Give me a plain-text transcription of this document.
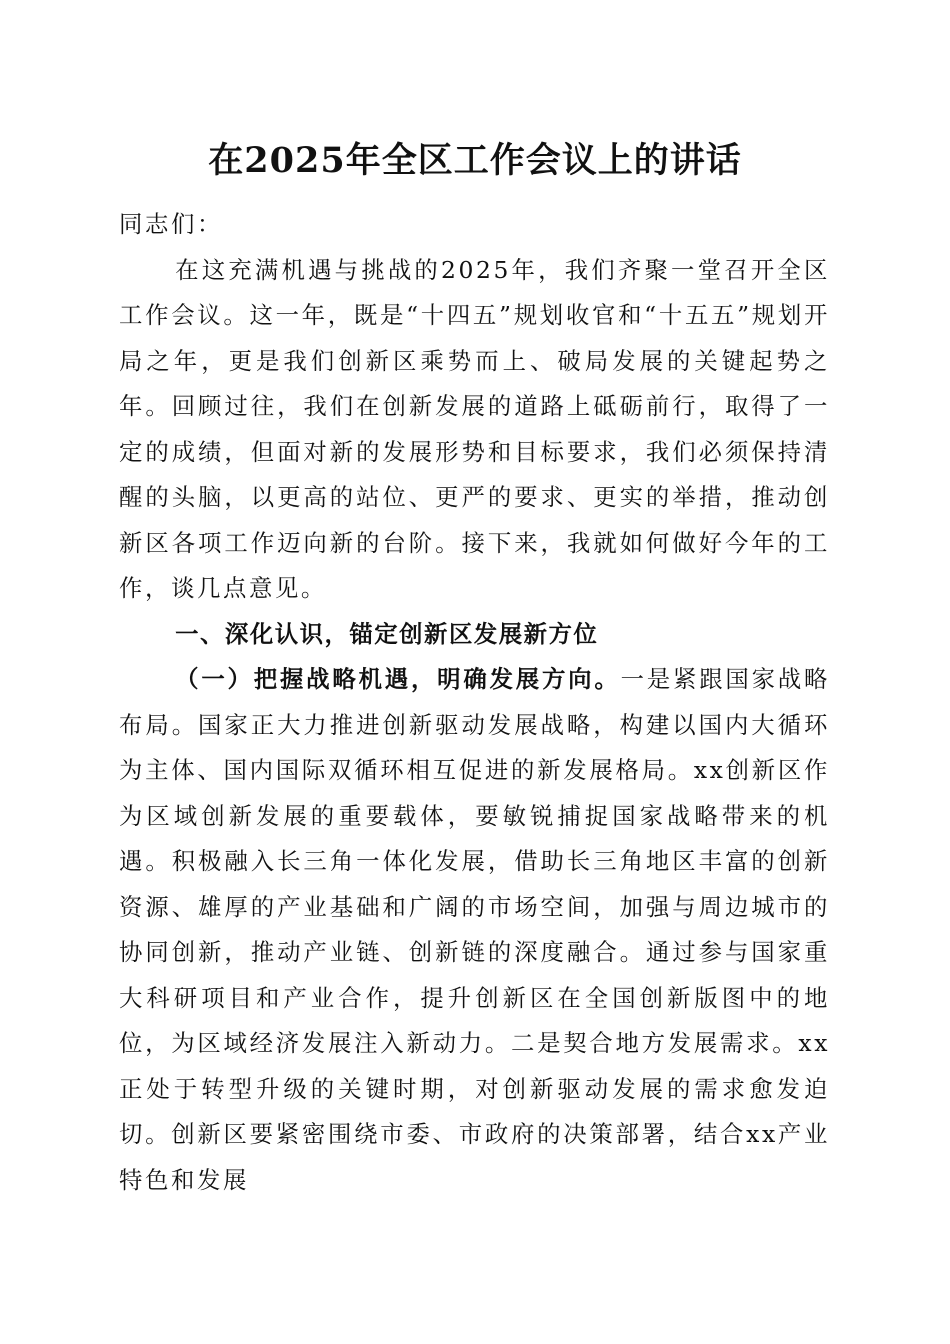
在2025年全区工作会议上的讲话

同志们：

在这充满机遇与挑战的2025年，我们齐聚一堂召开全区工作会议。这一年，既是“十四五”规划收官和“十五五”规划开局之年，更是我们创新区乘势而上、破局发展的关键起势之年。回顾过往，我们在创新发展的道路上砥砺前行，取得了一定的成绩，但面对新的发展形势和目标要求，我们必须保持清醒的头脑，以更高的站位、更严的要求、更实的举措，推动创新区各项工作迈向新的台阶。接下来，我就如何做好今年的工作，谈几点意见。

一、深化认识，锚定创新区发展新方位

（一）把握战略机遇，明确发展方向。一是紧跟国家战略布局。国家正大力推进创新驱动发展战略，构建以国内大循环为主体、国内国际双循环相互促进的新发展格局。xx创新区作为区域创新发展的重要载体，要敏锐捕捉国家战略带来的机遇。积极融入长三角一体化发展，借助长三角地区丰富的创新资源、雄厚的产业基础和广阔的市场空间，加强与周边城市的协同创新，推动产业链、创新链的深度融合。通过参与国家重大科研项目和产业合作，提升创新区在全国创新版图中的地位，为区域经济发展注入新动力。二是契合地方发展需求。xx正处于转型升级的关键时期，对创新驱动发展的需求愈发迫切。创新区要紧密围绕市委、市政府的决策部署，结合xx产业特色和发展
